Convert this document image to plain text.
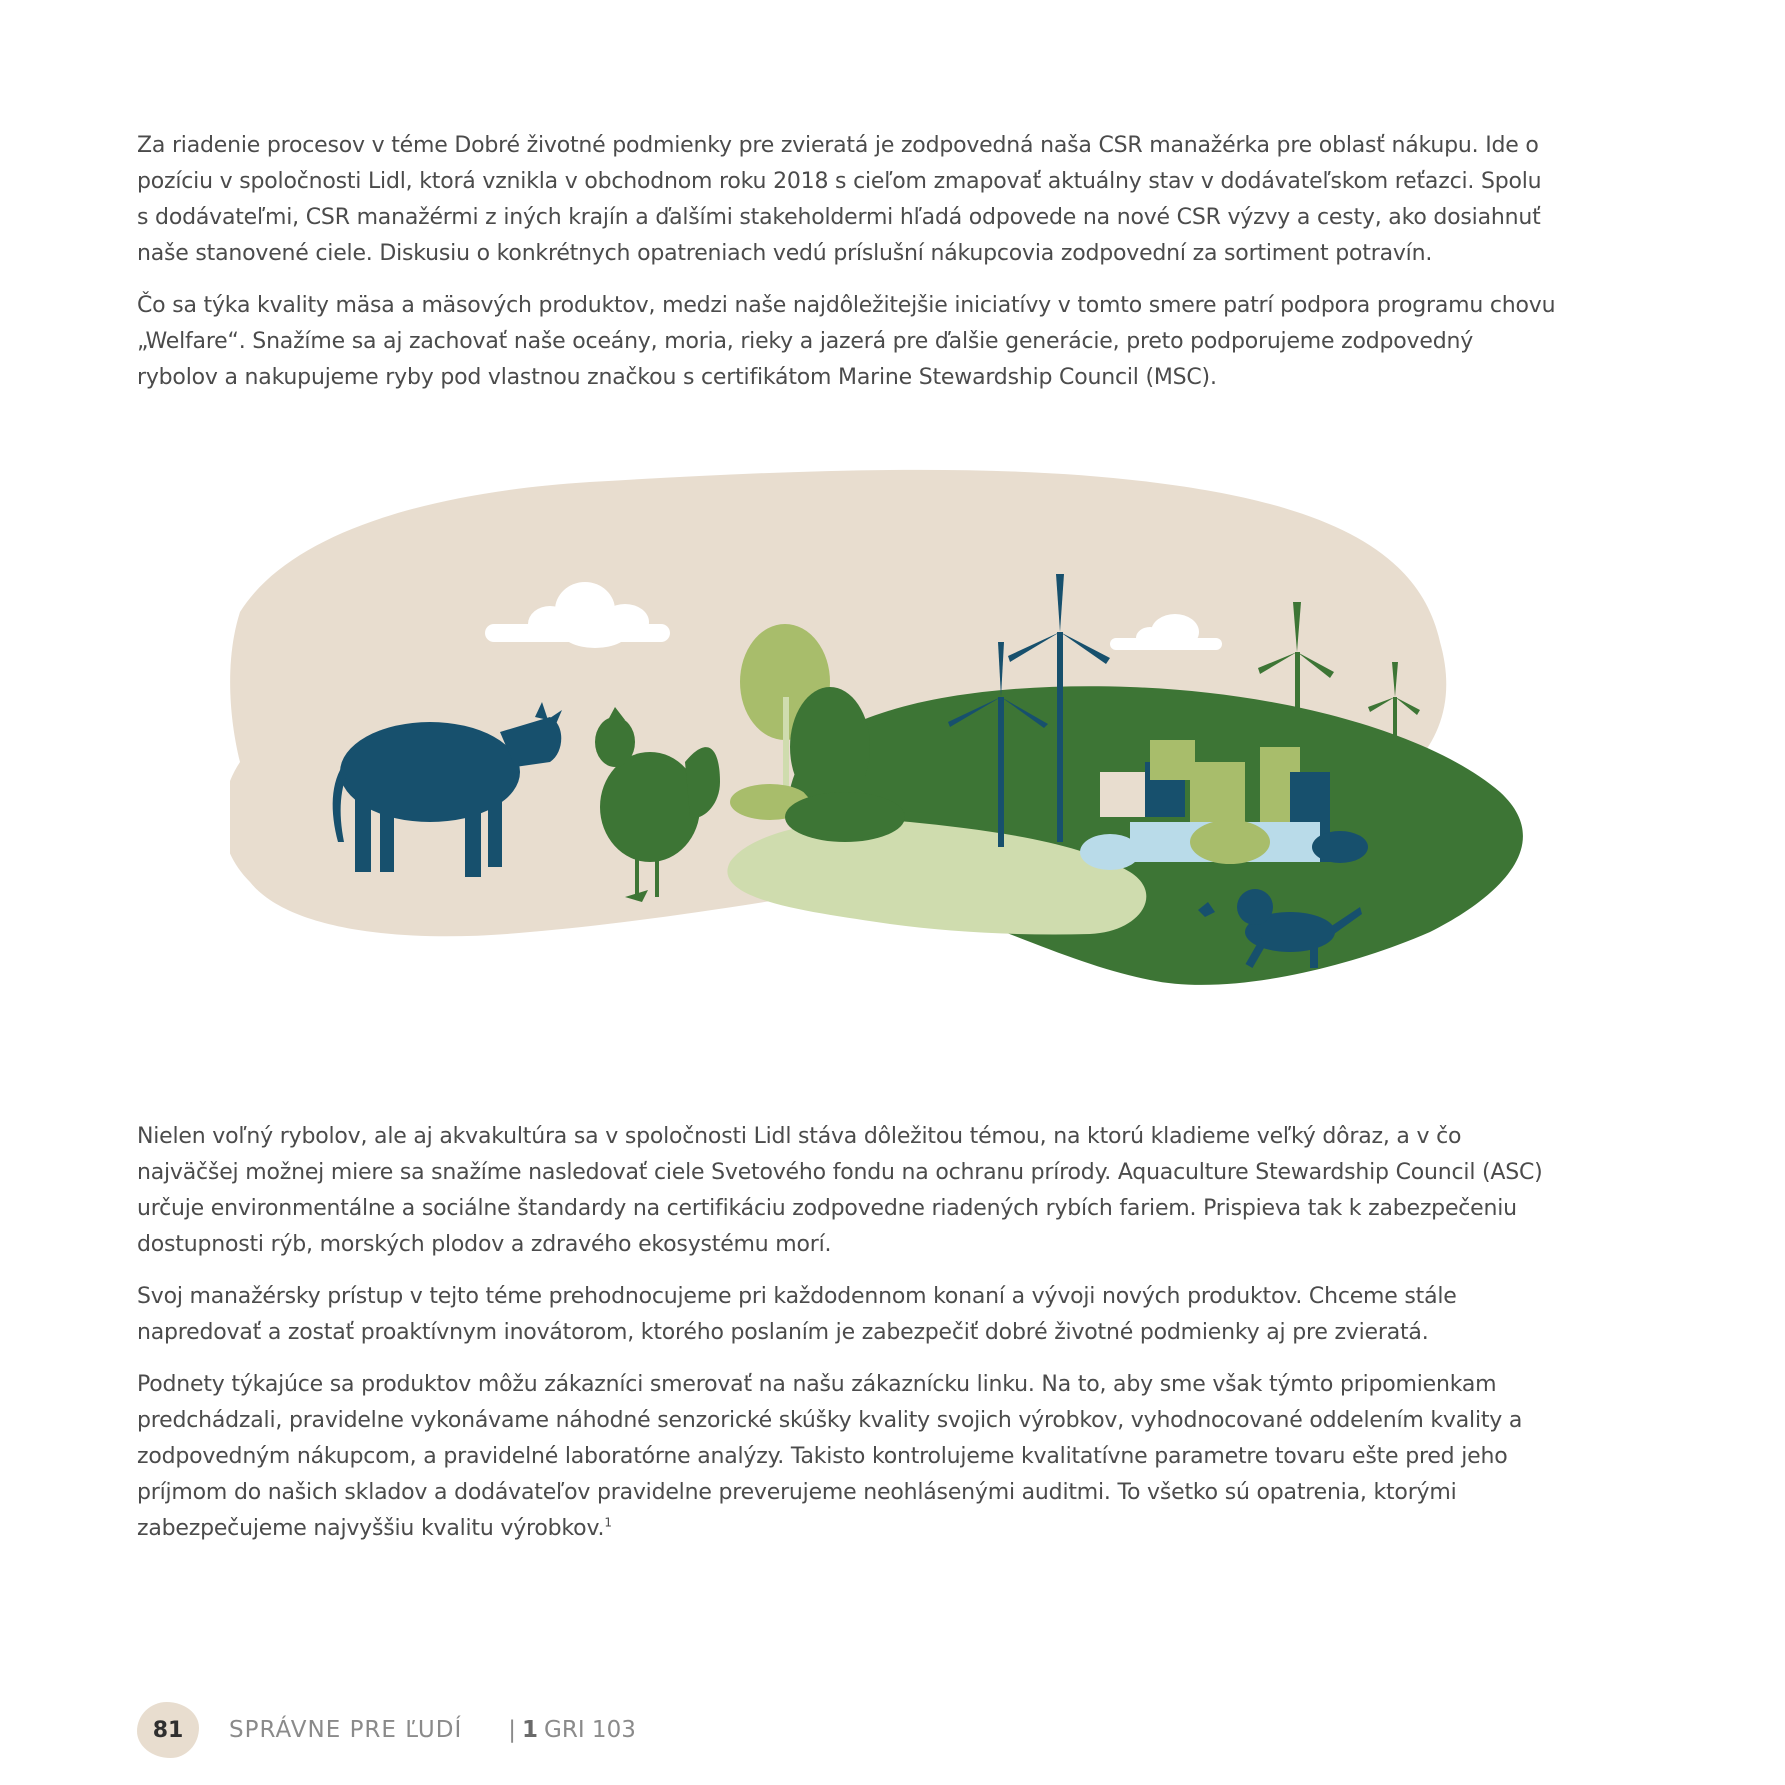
Za riadenie procesov v téme Dobré životné podmienky pre zvieratá je zodpovedná naša CSR manažérka pre oblasť nákupu. Ide o pozíciu v spoločnosti Lidl, ktorá vznikla v obchodnom roku 2018 s cieľom zmapovať aktuálny stav v dodávateľskom reťazci. Spolu s dodávateľmi, CSR manažérmi z iných krajín a ďalšími stakeholdermi hľadá odpovede na nové CSR výzvy a cesty, ako dosiahnuť naše stanovené ciele. Diskusiu o konkrétnych opatreniach vedú príslušní nákupcovia zodpovední za sortiment potravín.

Čo sa týka kvality mäsa a mäsových produktov, medzi naše najdôležitejšie iniciatívy v tomto smere patrí podpora programu chovu „Welfare“. Snažíme sa aj zachovať naše oceány, moria, rieky a jazerá pre ďalšie generácie, preto podporujeme zodpovedný rybolov a nakupujeme ryby pod vlastnou značkou s certifikátom Marine Stewardship Council (MSC).

Nielen voľný rybolov, ale aj akvakultúra sa v spoločnosti Lidl stáva dôležitou témou, na ktorú kladieme veľký dôraz, a v čo najväčšej možnej miere sa snažíme nasledovať ciele Svetového fondu na ochranu prírody. Aquaculture Stewardship Council (ASC) určuje environmentálne a sociálne štandardy na certifikáciu zodpovedne riadených rybích fariem. Prispieva tak k zabezpečeniu dostupnosti rýb, morských plodov a zdravého ekosystému morí.

Svoj manažérsky prístup v tejto téme prehodnocujeme pri každodennom konaní a vývoji nových produktov. Chceme stále napredovať a zostať proaktívnym inovátorom, ktorého poslaním je zabezpečiť dobré životné podmienky aj pre zvieratá.

Podnety týkajúce sa produktov môžu zákazníci smerovať na našu zákaznícku linku. Na to, aby sme však týmto pripomienkam predchádzali, pravidelne vykonávame náhodné senzorické skúšky kvality svojich výrobkov, vyhodnocované oddelením kvality a zodpovedným nákupcom, a pravidelné laboratórne analýzy. Takisto kontrolujeme kvalitatívne parametre tovaru ešte pred jeho príjmom do našich skladov a dodávateľov pravidelne preverujeme neohlásenými auditmi. To všetko sú opatrenia, ktorými zabezpečujeme najvyššiu kvalitu výrobkov.$^1$

81 SPRÁVNE PRE ĽUDÍ | 1 GRI 103
